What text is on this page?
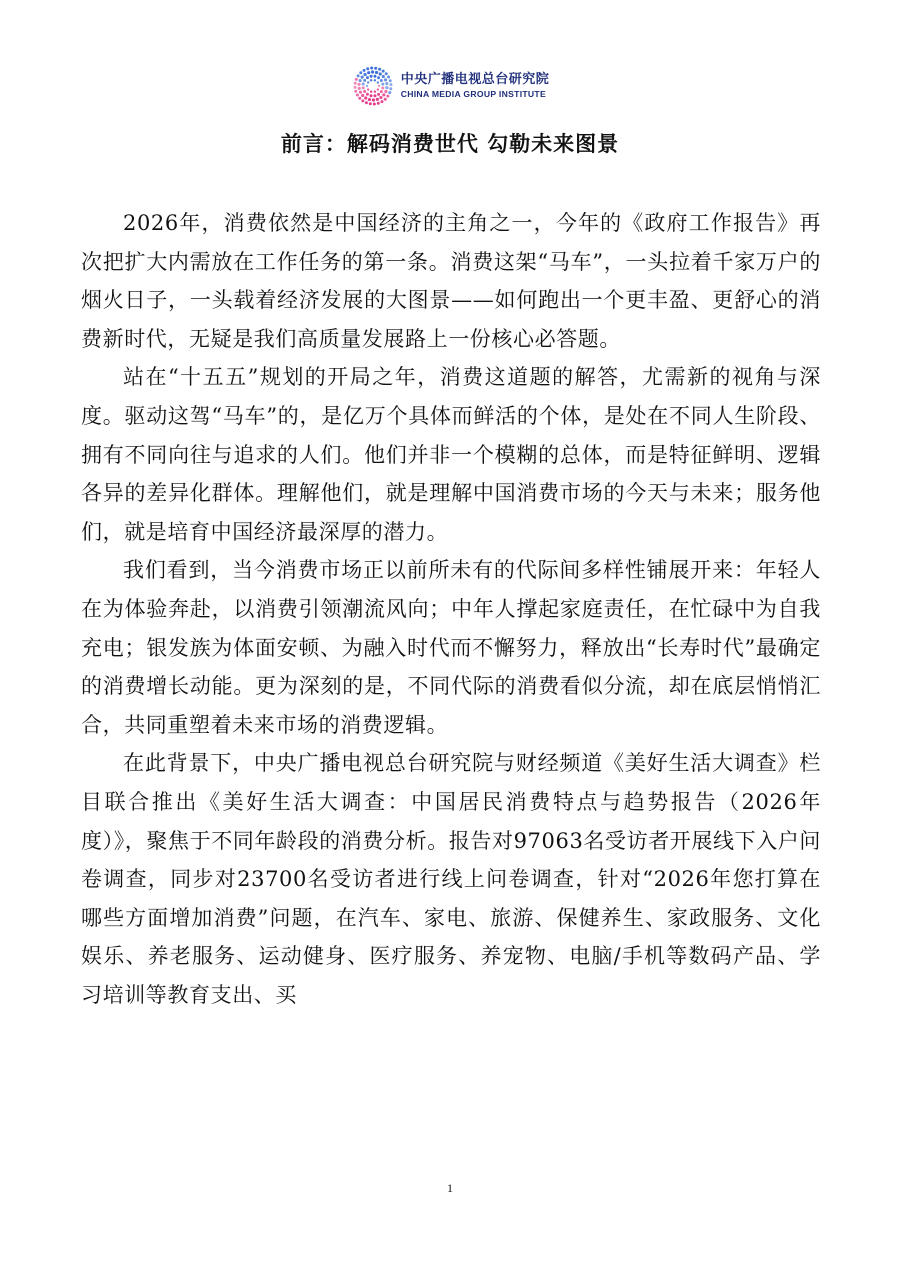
中央广播电视总台研究院
CHINA MEDIA GROUP INSTITUTE
前言：解码消费世代 勾勒未来图景

2026年，消费依然是中国经济的主角之一，今年的《政府工作报告》再次把扩大内需放在工作任务的第一条。消费这架“马车”，一头拉着千家万户的烟火日子，一头载着经济发展的大图景——如何跑出一个更丰盈、更舒心的消费新时代，无疑是我们高质量发展路上一份核心必答题。

站在“十五五”规划的开局之年，消费这道题的解答，尤需新的视角与深度。驱动这驾“马车”的，是亿万个具体而鲜活的个体，是处在不同人生阶段、拥有不同向往与追求的人们。他们并非一个模糊的总体，而是特征鲜明、逻辑各异的差异化群体。理解他们，就是理解中国消费市场的今天与未来；服务他们，就是培育中国经济最深厚的潜力。

我们看到，当今消费市场正以前所未有的代际间多样性铺展开来：年轻人在为体验奔赴，以消费引领潮流风向；中年人撑起家庭责任，在忙碌中为自我充电；银发族为体面安顿、为融入时代而不懈努力，释放出“长寿时代”最确定的消费增长动能。更为深刻的是，不同代际的消费看似分流，却在底层悄悄汇合，共同重塑着未来市场的消费逻辑。

在此背景下，中央广播电视总台研究院与财经频道《美好生活大调查》栏目联合推出《美好生活大调查：中国居民消费特点与趋势报告（2026年度）》，聚焦于不同年龄段的消费分析。报告对97063名受访者开展线下入户问卷调查，同步对23700名受访者进行线上问卷调查，针对“2026年您打算在哪些方面增加消费”问题，在汽车、家电、旅游、保健养生、家政服务、文化娱乐、养老服务、运动健身、医疗服务、养宠物、电脑/手机等数码产品、学习培训等教育支出、买

1
